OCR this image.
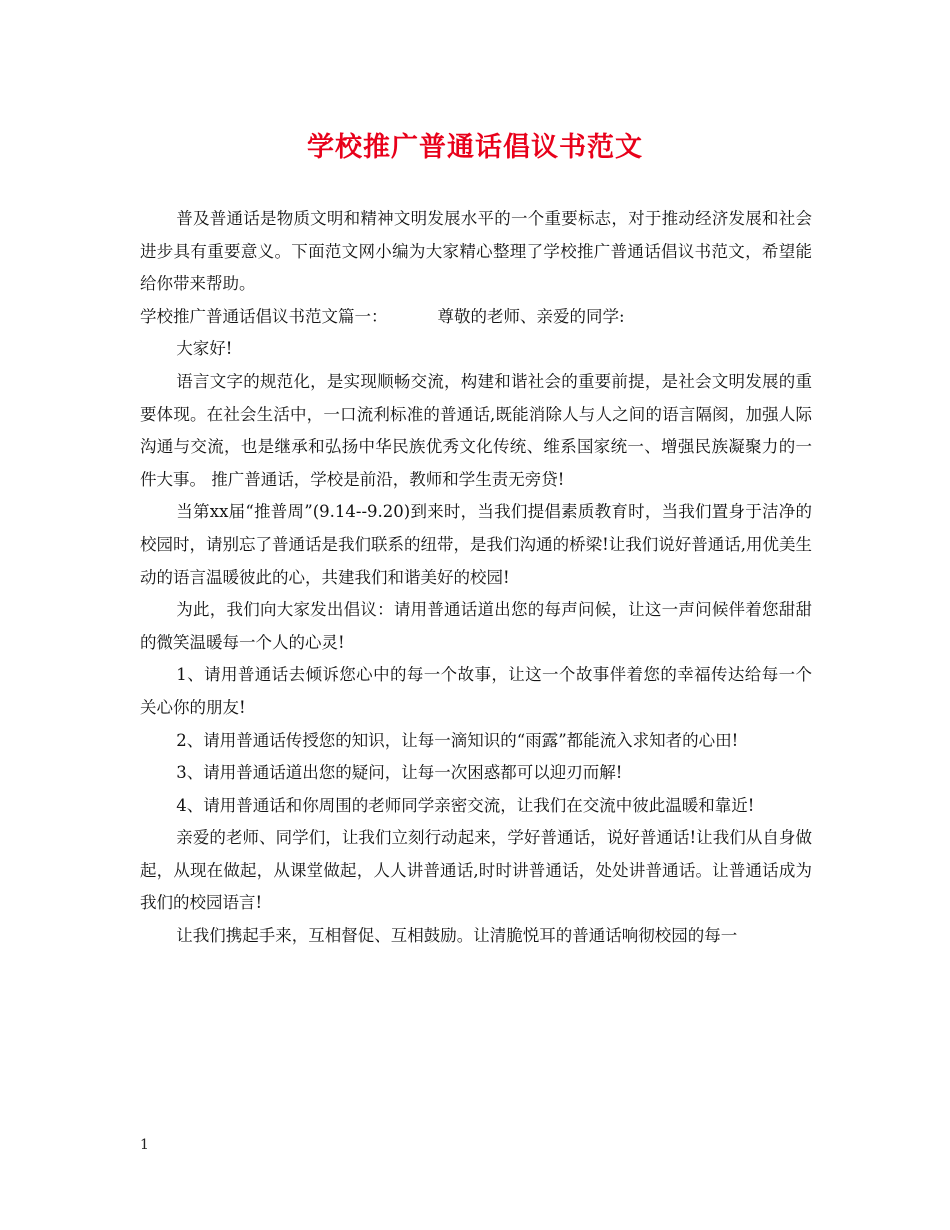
学校推广普通话倡议书范文

普及普通话是物质文明和精神文明发展水平的一个重要标志，对于推动经济发展和社会进步具有重要意义。下面范文网小编为大家精心整理了学校推广普通话倡议书范文，希望能给你带来帮助。

学校推广普通话倡议书范文篇一：	尊敬的老师、亲爱的同学:

大家好!

语言文字的规范化，是实现顺畅交流，构建和谐社会的重要前提，是社会文明发展的重要体现。在社会生活中，一口流利标准的普通话,既能消除人与人之间的语言隔阂，加强人际沟通与交流，也是继承和弘扬中华民族优秀文化传统、维系国家统一、增强民族凝聚力的一件大事。 推广普通话，学校是前沿，教师和学生责无旁贷!

当第xx届“推普周”(9.14--9.20)到来时，当我们提倡素质教育时，当我们置身于洁净的校园时，请别忘了普通话是我们联系的纽带，是我们沟通的桥梁!让我们说好普通话,用优美生动的语言温暖彼此的心，共建我们和谐美好的校园!

为此，我们向大家发出倡议：请用普通话道出您的每声问候，让这一声问候伴着您甜甜的微笑温暖每一个人的心灵!

1、请用普通话去倾诉您心中的每一个故事，让这一个故事伴着您的幸福传达给每一个关心你的朋友!

2、请用普通话传授您的知识，让每一滴知识的“雨露”都能流入求知者的心田!

3、请用普通话道出您的疑问，让每一次困惑都可以迎刃而解!

4、请用普通话和你周围的老师同学亲密交流，让我们在交流中彼此温暖和靠近!

亲爱的老师、同学们，让我们立刻行动起来，学好普通话，说好普通话!让我们从自身做起，从现在做起，从课堂做起，人人讲普通话,时时讲普通话，处处讲普通话。让普通话成为我们的校园语言!

让我们携起手来，互相督促、互相鼓励。让清脆悦耳的普通话响彻校园的每一

1
